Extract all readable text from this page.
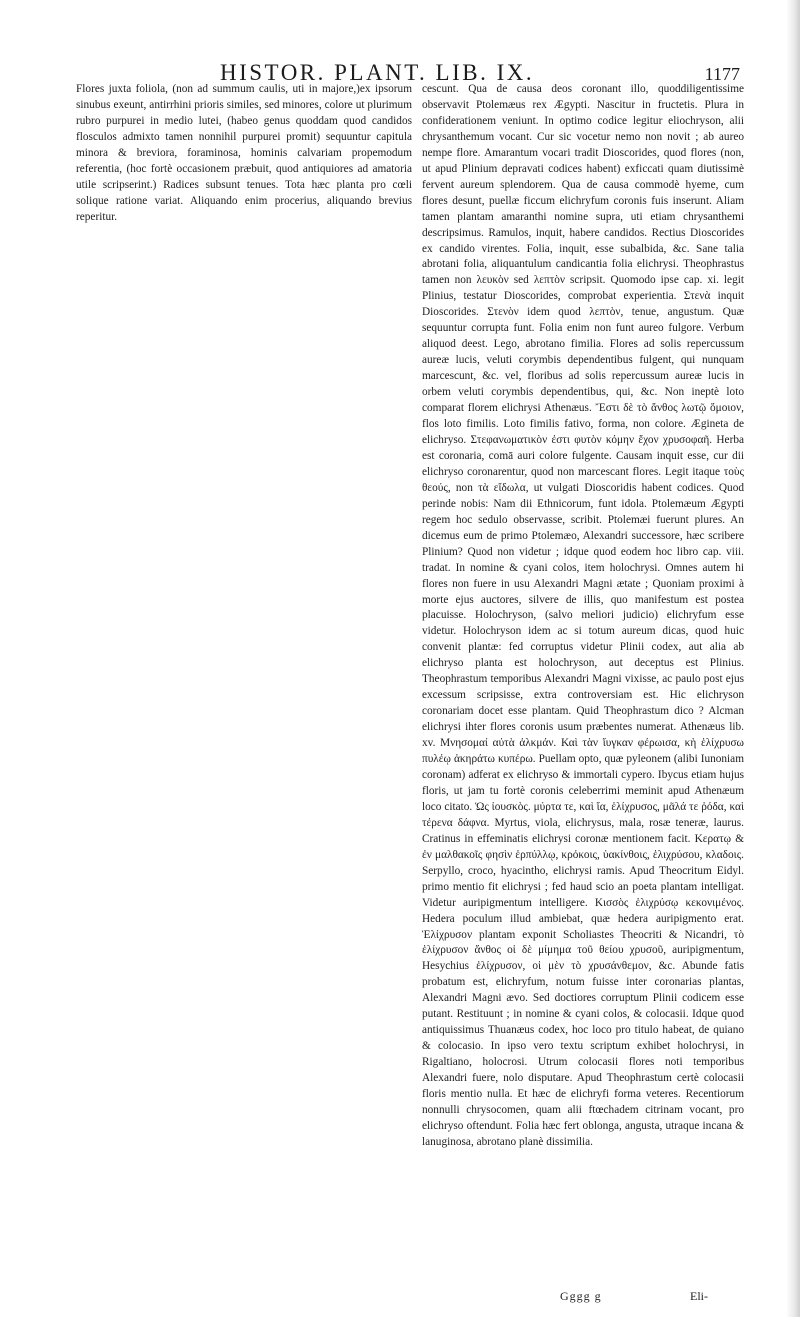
HISTOR. PLANT. LIB. IX.	1177

Flores juxta foliola, (non ad summum caulis, uti in majore,)ex ipsorum sinubus exeunt, antirrhini prioris similes, sed minores, colore ut plurimum rubro purpurei in medio lutei, (habeo genus quoddam quod candidos flosculos admixto tamen nonnihil purpurei promit) sequuntur capitula minora & breviora, foraminosa, hominis calvariam propemodum referentia, (hoc fortè occasionem præbuit, quod antiquiores ad amatoria utile scripserint.) Radices subsunt tenues. Tota hæc planta pro cœli solique ratione variat. Aliquando enim procerius, aliquando brevius reperitur.

cescunt. Qua de causa deos coronant illo, quoddiligentissime observavit Ptolemæus rex Ægypti. Nascitur in fructetis. Plura in confiderationem veniunt. In optimo codice legitur eliochryson, alii chrysanthemum vocant. Cur sic vocetur nemo non novit ; ab aureo nempe flore. Amarantum vocari tradit Dioscorides, quod flores (non, ut apud Plinium depravati codices habent) exficcati quam diutissimè fervent aureum splendorem. Qua de causa commodè hyeme, cum flores desunt, puellæ ficcum elichryfum coronis fuis inserunt. Aliam tamen plantam amaranthi nomine supra, uti etiam chrysanthemi descripsimus. Ramulos, inquit, habere candidos. Rectius Dioscorides ex candido virentes. Folia, inquit, esse subalbida, &c. Sane talia abrotani folia, aliquantulum candicantia folia elichrysi. Theophrastus tamen non λευκὸν sed λεπτὸν scripsit. Quomodo ipse cap. xi. legit Plinius, testatur Dioscorides, comprobat experientia. Στενὰ inquit Dioscorides. Στενὸν idem quod λεπτὸν, tenue, angustum. Quæ sequuntur corrupta funt. Folia enim non funt aureo fulgore. Verbum aliquod deest. Lego, abrotano fimilia. Flores ad solis repercussum aureæ lucis, veluti corymbis dependentibus fulgent, qui nunquam marcescunt, &c. vel, floribus ad solis repercussum aureæ lucis in orbem veluti corymbis dependentibus, qui, &c. Non ineptè loto comparat florem elichrysi Athenæus. Ἔστι δὲ τὸ ἄνθος λωτῷ ὅμοιον, flos loto fimilis. Loto fimilis fativo, forma, non colore. Ægineta de elichryso. Στεφανωματικὸν ἐστι φυτὸν κόμην ἔχον χρυσοφαῆ. Herba est coronaria, comā auri colore fulgente. Causam inquit esse, cur dii elichryso coronarentur, quod non marcescant flores. Legit itaque τοὺς θεούς, non τὰ εἴδωλα, ut vulgati Dioscoridis habent codices. Quod perinde nobis: Nam dii Ethnicorum, funt idola. Ptolemæum Ægypti regem hoc sedulo observasse, scribit. Ptolemæi fuerunt plures. An dicemus eum de primo Ptolemæo, Alexandri successore, hæc scribere Plinium? Quod non videtur ; idque quod eodem hoc libro cap. viii. tradat. In nomine & cyani colos, item holochrysi. Omnes autem hi flores non fuere in usu Alexandri Magni ætate ; Quoniam proximi à morte ejus auctores, silvere de illis, quo manifestum est postea placuisse. Holochryson, (salvo meliori judicio) elichryfum esse videtur. Holochryson idem ac si totum aureum dicas, quod huic convenit plantæ: fed corruptus videtur Plinii codex, aut alia ab elichryso planta est holochryson, aut deceptus est Plinius. Theophrastum temporibus Alexandri Magni vixisse, ac paulo post ejus excessum scripsisse, extra controversiam est. Hic elichryson coronariam docet esse plantam. Quid Theophrastum dico ? Alcman elichrysi ihter flores coronis usum præbentes numerat. Athenæus lib. xv. Μνησομαί αὐτὰ ἀλκμάν. Καὶ τὰν ἴυγκαν φέρωισα, κὴ ἑλίχρυσω πυλέῳ ἀκηράτω κυπέρω. Puellam opto, quæ pyleonem (alibi Iunoniam coronam) adferat ex elichryso & immortali cypero. Ibycus etiam hujus floris, ut jam tu fortè coronis celeberrimi meminit apud Athenæum loco citato. Ὡς ἰουσκὸς. μύρτα τε, καὶ ἴα, ἑλίχρυσος, μᾶλά τε ῥόδα, καὶ τέρενα δάφνα. Myrtus, viola, elichrysus, mala, rosæ teneræ, laurus. Cratinus in effeminatis elichrysi coronæ mentionem facit. Κερατῳ & ἐν μαλθακοῖς φησὶν ἑρπύλλῳ, κρόκοις, ὑακίνθοις, ἑλιχρύσου, κλαδοις. Serpyllo, croco, hyacintho, elichrysi ramis. Apud Theocritum Eidyl. primo mentio fit elichrysi ; fed haud scio an poeta plantam intelligat. Videtur auripigmentum intelligere. Κισσὸς ἑλιχρύσῳ κεκονιμένος. Hedera poculum illud ambiebat, quæ hedera auripigmento erat. Ἑλίχρυσον plantam exponit Scholiastes Theocriti & Nicandri, τὸ ἑλίχρυσον ἄνθος οἱ δὲ μίμημα τοῦ θείου χρυσοῦ, auripigmentum, Hesychius ἑλίχρυσον, οἱ μὲν τὸ χρυσάνθεμον, &c. Abunde fatis probatum est, elichryfum, notum fuisse inter coronarias plantas, Alexandri Magni ævo. Sed doctiores corruptum Plinii codicem esse putant. Restituunt ; in nomine & cyani colos, & colocasii. Idque quod antiquissimus Thuanæus codex, hoc loco pro titulo habeat, de quiano & colocasio. In ipso vero textu scriptum exhibet holochrysi, in Rigaltiano, holocrosi. Utrum colocasii flores noti temporibus Alexandri fuere, nolo disputare. Apud Theophrastum certè colocasii floris mentio nulla. Et hæc de elichryfi forma veteres. Recentiorum nonnulli chrysocomen, quam alii ftœchadem citrinam vocant, pro elichryso oftendunt. Folia hæc fert oblonga, angusta, utraque incana & lanuginosa, abrotano planè dissimilia.

Gggg g	Eli-
